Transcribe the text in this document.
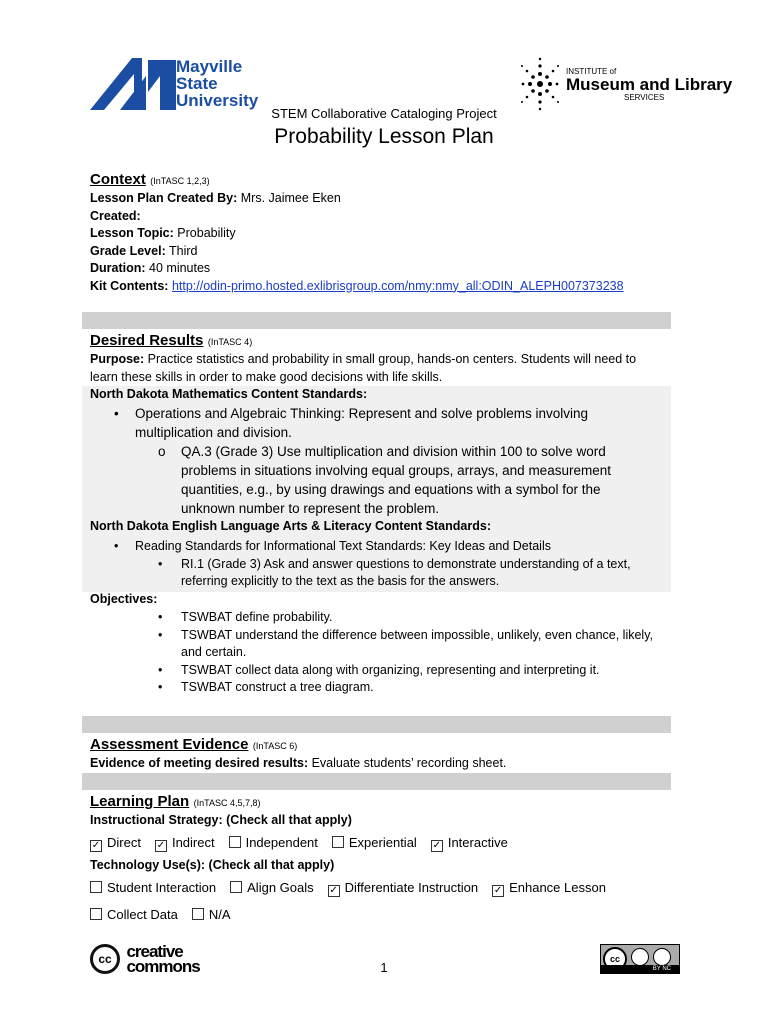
Mayville
State
University
INSTITUTE of
Museum and Library
SERVICES
STEM Collaborative Cataloging Project
Probability Lesson Plan
Context (InTASC 1,2,3)
Lesson Plan Created By: Mrs. Jaimee Eken
Created:
Lesson Topic: Probability
Grade Level: Third
Duration: 40 minutes
Kit Contents: http://odin-primo.hosted.exlibrisgroup.com/nmy:nmy_all:ODIN_ALEPH007373238
Desired Results (InTASC 4)
Purpose: Practice statistics and probability in small group, hands-on centers. Students will need to
learn these skills in order to make good decisions with life skills.
North Dakota Mathematics Content Standards:
• Operations and Algebraic Thinking: Represent and solve problems involving
multiplication and division.
o QA.3 (Grade 3) Use multiplication and division within 100 to solve word
problems in situations involving equal groups, arrays, and measurement
quantities, e.g., by using drawings and equations with a symbol for the
unknown number to represent the problem.
North Dakota English Language Arts & Literacy Content Standards:
• Reading Standards for Informational Text Standards: Key Ideas and Details
• RI.1 (Grade 3) Ask and answer questions to demonstrate understanding of a text,
referring explicitly to the text as the basis for the answers.
Objectives:
• TSWBAT define probability.
• TSWBAT understand the difference between impossible, unlikely, even chance, likely,
and certain.
• TSWBAT collect data along with organizing, representing and interpreting it.
• TSWBAT construct a tree diagram.
Assessment Evidence (InTASC 6)
Evidence of meeting desired results: Evaluate students’ recording sheet.
Learning Plan (InTASC 4,5,7,8)
Instructional Strategy: (Check all that apply)
✓ Direct ✓ Indirect Independent Experiential ✓ Interactive
Technology Use(s): (Check all that apply)
Student Interaction Align Goals ✓ Differentiate Instruction ✓ Enhance Lesson
Collect Data N/A
cc creative
commons	1
cc
BY NC
